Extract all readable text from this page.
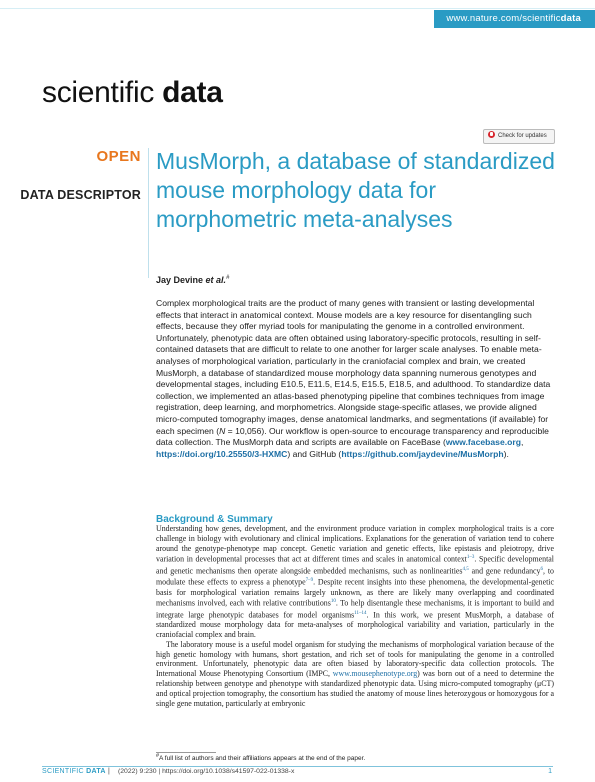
www.nature.com/scientificdata
scientific data
Check for updates
OPEN
DATA DESCRIPTOR
MusMorph, a database of standardized mouse morphology data for morphometric meta-analyses
Jay Devine et al.#

Complex morphological traits are the product of many genes with transient or lasting developmental effects that interact in anatomical context. Mouse models are a key resource for disentangling such effects, because they offer myriad tools for manipulating the genome in a controlled environment. Unfortunately, phenotypic data are often obtained using laboratory-specific protocols, resulting in self-contained datasets that are difficult to relate to one another for larger scale analyses. To enable meta-analyses of morphological variation, particularly in the craniofacial complex and brain, we created MusMorph, a database of standardized mouse morphology data spanning numerous genotypes and developmental stages, including E10.5, E11.5, E14.5, E15.5, E18.5, and adulthood. To standardize data collection, we implemented an atlas-based phenotyping pipeline that combines techniques from image registration, deep learning, and morphometrics. Alongside stage-specific atlases, we provide aligned micro-computed tomography images, dense anatomical landmarks, and segmentations (if available) for each specimen (N = 10,056). Our workflow is open-source to encourage transparency and reproducible data collection. The MusMorph data and scripts are available on FaceBase (www.facebase.org, https://doi.org/10.25550/3-HXMC) and GitHub (https://github.com/jaydevine/MusMorph).

Background & Summary

Understanding how genes, development, and the environment produce variation in complex morphological traits is a core challenge in biology with evolutionary and clinical implications. Explanations for the generation of variation tend to cohere around the genotype-phenotype map concept. Genetic variation and genetic effects, like epistasis and pleiotropy, drive variation in developmental processes that act at different times and scales in anatomical context$^{1-3}$. Specific developmental and genetic mechanisms then operate alongside embedded mechanisms, such as nonlinearities$^{4,5}$ and gene redundancy$^6$, to modulate these effects to express a phenotype$^{7-9}$. Despite recent insights into these phenomena, the developmental-genetic basis for morphological variation remains largely unknown, as there are likely many overlapping and coordinated mechanisms involved, each with relative contributions$^{10}$. To help disentangle these mechanisms, it is important to build and integrate large phenotypic databases for model organisms$^{11-14}$. In this work, we present MusMorph, a database of standardized mouse morphology data for meta-analyses of morphological variability and variation, particularly in the craniofacial complex and brain.

The laboratory mouse is a useful model organism for studying the mechanisms of morphological variation because of the high genetic homology with humans, short gestation, and rich set of tools for manipulating the genome in a controlled environment. Unfortunately, phenotypic data are often biased by laboratory-specific data collection protocols. The International Mouse Phenotyping Consortium (IMPC, www.mousephenotype.org) was born out of a need to determine the relationship between genotype and phenotype with standardized phenotypic data. Using micro-computed tomography (μCT) and optical projection tomography, the consortium has studied the anatomy of mouse lines heterozygous or homozygous for a single gene mutation, particularly at embryonic

#A full list of authors and their affiliations appears at the end of the paper.
SCIENTIFIC DATA | (2022) 9:230 | https://doi.org/10.1038/s41597-022-01338-x	1
